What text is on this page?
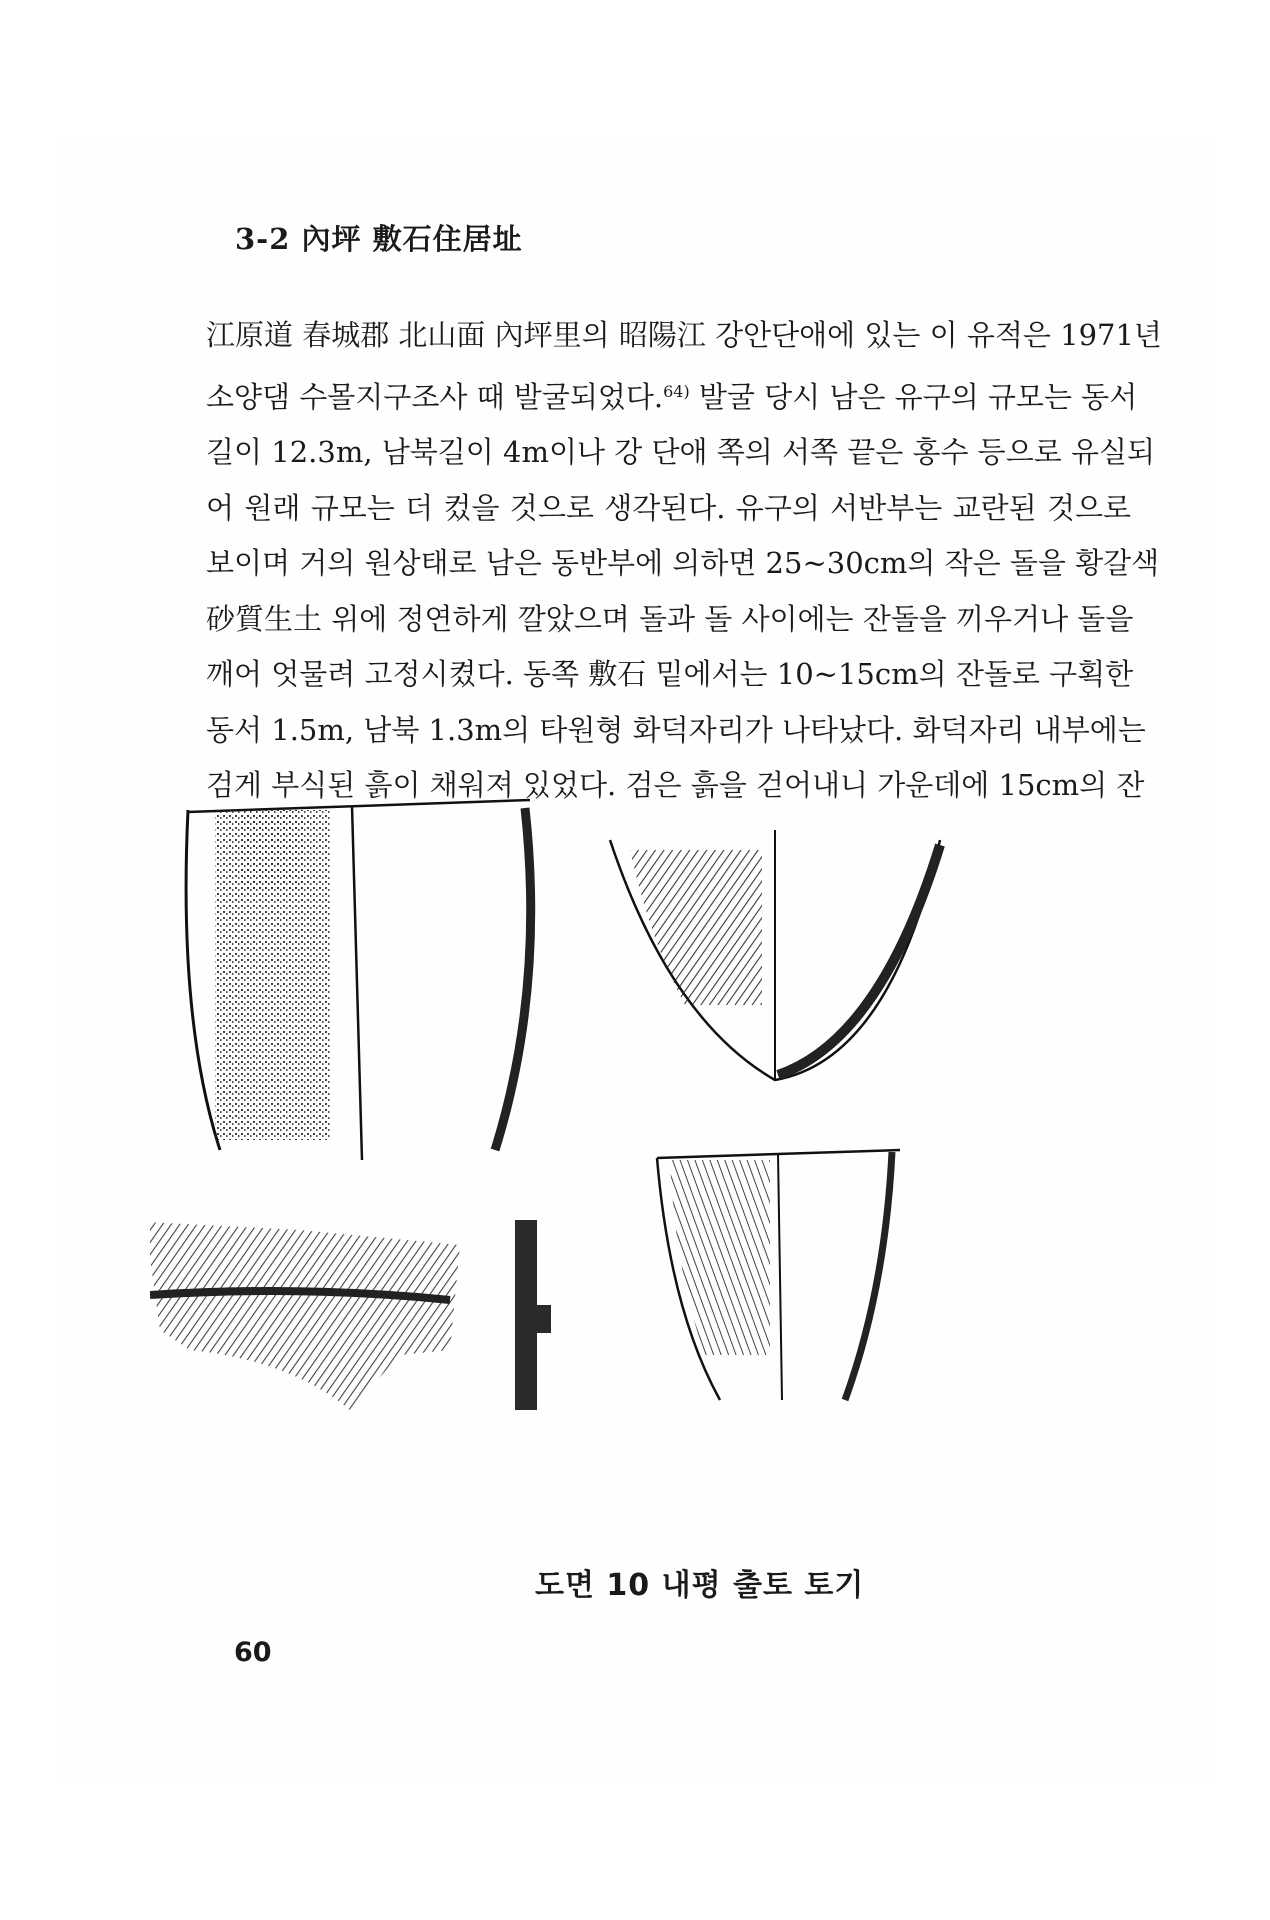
3-2 內坪 敷石住居址
江原道 春城郡 北山面 內坪里의 昭陽江 강안단애에 있는 이 유적은 1971년
소양댐 수몰지구조사 때 발굴되었다.$^{64)}$ 발굴 당시 남은 유구의 규모는 동서
길이 12.3m, 남북길이 4m이나 강 단애 쪽의 서쪽 끝은 홍수 등으로 유실되
어 원래 규모는 더 컸을 것으로 생각된다. 유구의 서반부는 교란된 것으로
보이며 거의 원상태로 남은 동반부에 의하면 25~30cm의 작은 돌을 황갈색
砂質生土 위에 정연하게 깔았으며 돌과 돌 사이에는 잔돌을 끼우거나 돌을
깨어 엇물려 고정시켰다. 동쪽 敷石 밑에서는 10~15cm의 잔돌로 구획한
동서 1.5m, 남북 1.3m의 타원형 화덕자리가 나타났다. 화덕자리 내부에는
검게 부식된 흙이 채워져 있었다. 검은 흙을 걷어내니 가운데에 15cm의 잔
도면 10 내평 출토 토기
60
